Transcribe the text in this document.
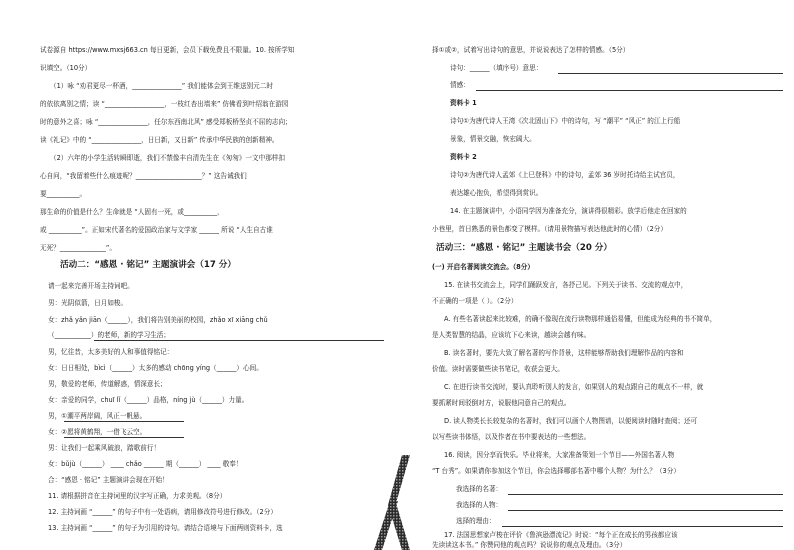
试卷源自 https://www.mxsj663.cn 每日更新，会员下载免费且不限量。10. 按所学知
识填空。（10分）
（1）咏 “劝君更尽一杯酒，_______________” 我们能体会到王维送别元二时
的依依离别之情；读 “__________________，一枝红杏出墙来” 仿佛看到叶绍翁在游园
时的意外之喜；咏 “_______________，任尔东西南北风” 感受郑板桥坚贞不屈的志向；
读《礼记》中的 “_______________，日日新，又日新” 传承中华民族的创新精神。
（2）六年的小学生活转瞬即逝，我们不禁像丰自清先生在《匆匆》一文中那样扣
心自问，“我留着些什么痕迹呢？____________________？” 这告诫我们
要__________。
那生命的价值是什么？生命就是 “人固有一死，或__________，
或 __________”。正如宋代著名的爱国政治家与文学家 ______ 所说 “人生自古谁
无死？______________”。
活动二：“感恩 · 铭记” 主题演讲会（17 分）
请一起来完善开场主持词吧。
男：光阴似箭，日月如梭。
女：zhǎ yǎn jiān（______），我们将告别美丽的校园，zhǎo xī xiāng chǔ
（___________）的老师，新的学习生活；
男，忆往昔，太多美好的人和事值得铭记：
女：日日相处，bìcì（______）太多的感动 chōng yíng（______）心间。
男，敬爱的老师，传道解惑，情深意长；
女：亲爱的同学，chuī lǐ（______）品格，níng jù（______）力量。
男，①潮平两岸阔，风正一帆悬。
女：②愿将黄鹤翔，一借飞云空。
男：让我们一起乘风破浪，踏歌前行！
女：bǔjù（______） ____ chǎo ______ 期（______） ____ 敬奉！
合：“感恩 · 铭记” 主题演讲会现在开始！
11. 请根据拼音在主持词里的汉字写正确，力求美观。（8分）
12. 主持词画 “______” 的句子中有一处语病，请用修改符号进行修改。（2分）
13. 主持词画 “______” 的句子为引用的诗句。请结合语境与下面两则资料卡，选
择①或②，试着写出诗句的意思，并说说表达了怎样的情感。（5分）
诗句：______（填序号）意思：
情感：
资料卡 1
诗句①为唐代诗人王湾《次北固山下》中的诗句，写 “潮平” “风正” 的江上行船
景象，情景交融，恢宏阔大。
资料卡 2
诗句②为唐代诗人孟郊《上巳登科》中的诗句，孟郊 36 岁时托诗给主试官员，
表达雄心抱负，希望得到赏识。
14. 在主题演讲中，小语同学因为准备充分，演讲得很精彩。放学后他走在回家的
小巷里，首日熟悉的景色都变了模样。（请用景物描写表达他此时的心情）（2分）
活动三：“感恩 · 铭记” 主题读书会（20 分）
(一) 开启名著阅读交流会。（8分）
15. 在读书交流会上，同学们踊跃发言，各抒己见。下列关于读书、交流的观点中，
不正确的一项是（ ）。（2分）
A. 有些名著读起来比较难，的确不像现在流行读物那样通俗易懂，但能成为经典的书不简单，
是人类智慧的结晶，应该坑下心来读，越读会越有味。
B. 读名著时，要先大致了解名著的写作背景，这样能够帮助我们理解作品的内容和
价值。读时需要做些读书笔记，收获会更大。
C. 在进行读书交流时，要认真聆听别人的发言，如果别人的观点跟自己的观点不一样，就
要抓紧时间驳倒对方，说服他同意自己的观点。
D. 读人物类长长较复杂的名著时，我们可以画个人物图谱，以便阅读时随时查阅；还可
以写些读书体悟，以及作者在书中要表达的一些想法。
16. 阅读，因分享而快乐。毕业将来，大家准备策划一个节目——外国名著人物
“T 台秀”。如果请你参加这个节目，你会选择哪部名著中哪个人物？为什么？（3分）
我选择的名著：
我选择的人物：
选择的理由：
17. 法国思想家卢梭在评价《鲁滨逊漂流记》时说：“每个正在成长的男孩都应该
先读读这本书。” 你赞同他的观点吗？说说你的观点及理由。（3分）
